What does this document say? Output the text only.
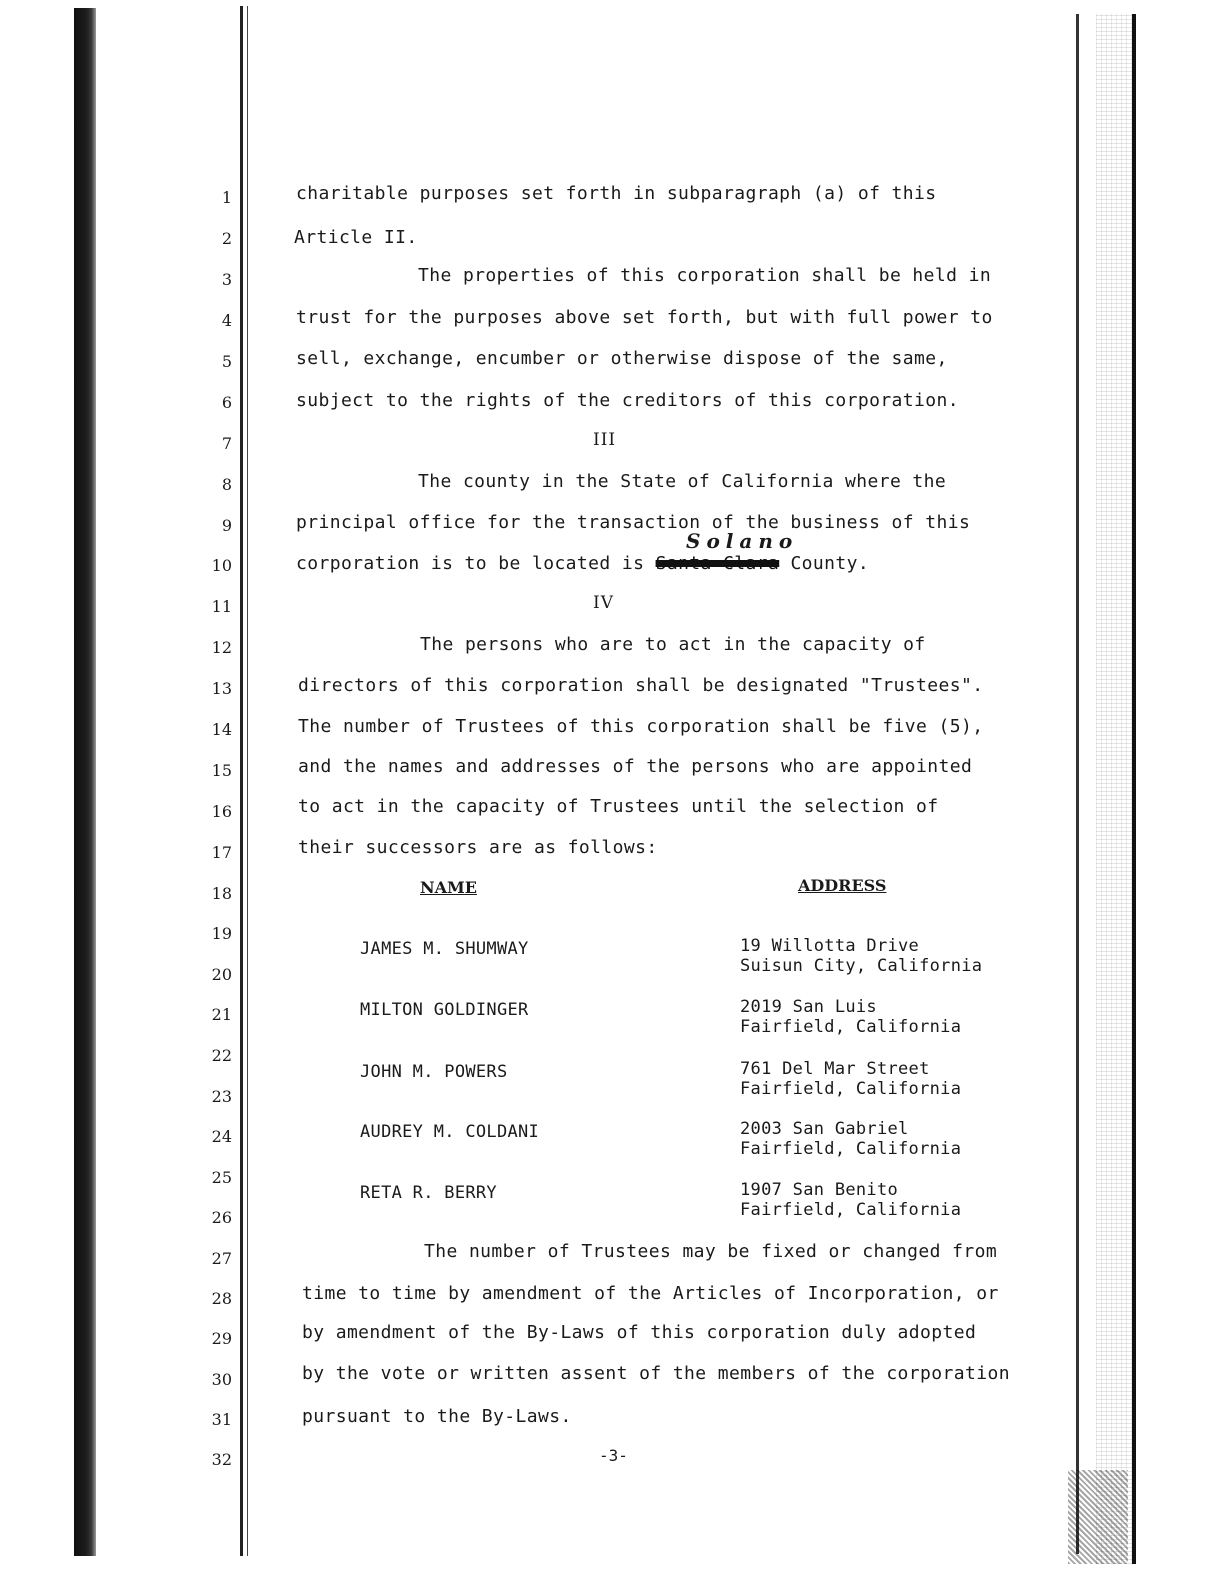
1
2
3
4
5
6
7
8
9
10
11
12
13
14
15
16
17
18
19
20
21
22
23
24
25
26
27
28
29
30
31
32
charitable purposes set forth in subparagraph (a) of this
Article II.
The properties of this corporation shall be held in
trust for the purposes above set forth, but with full power to
sell, exchange, encumber or otherwise dispose of the same,
subject to the rights of the creditors of this corporation.
III
The county in the State of California where the
principal office for the transaction of the business of this
Solano
corporation is to be located is Santa Clara County.
IV
The persons who are to act in the capacity of
directors of this corporation shall be designated "Trustees".
The number of Trustees of this corporation shall be five (5),
and the names and addresses of the persons who are appointed
to act in the capacity of Trustees until the selection of
their successors are as follows:
NAME	ADDRESS
JAMES M. SHUMWAY	19 Willotta Drive
Suisun City, California
MILTON GOLDINGER	2019 San Luis
Fairfield, California
JOHN M. POWERS	761 Del Mar Street
Fairfield, California
AUDREY M. COLDANI	2003 San Gabriel
Fairfield, California
RETA R. BERRY	1907 San Benito
Fairfield, California
The number of Trustees may be fixed or changed from
time to time by amendment of the Articles of Incorporation, or
by amendment of the By-Laws of this corporation duly adopted
by the vote or written assent of the members of the corporation
pursuant to the By-Laws.
-3-
